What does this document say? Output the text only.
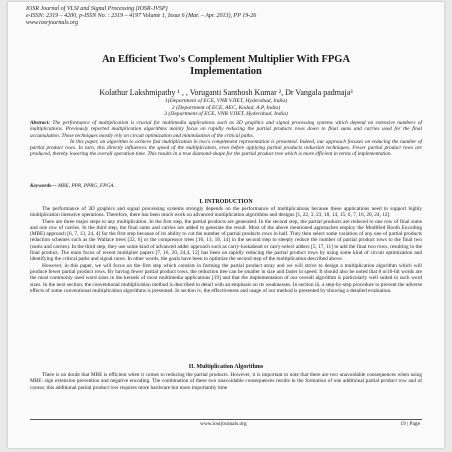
IOSR Journal of VLSI and Signal Processing (IOSR-JVSP)
e-ISSN: 2319 – 4200, p-ISSN No. : 2319 – 4197 Volume 1, Issue 6 (Mar. – Apr. 2013), PP 19-26
www.iosrjournals.org
An Efficient Two's Complement Multiplier With FPGA
Implementation
Kolathur Lakshmipathy ¹ , , Voruganti Santhosh Kumar ², Dr Vangala padmaja³
1(Department of ECE, VNR VJIET, Hyderabad, India)
2 (Department of ECE, AEC, Kodad, A.P, India)
3 (Department of ECE, VNR VJIET, Hyderabad, India)

Abstract: The performance of multiplication is crucial for multimedia applications such as 3D graphics and signal processing systems which depend on extensive numbers of multiplications. Previously reported multiplication algorithms mainly focus on rapidly reducing the partial products rows down to final sums and carries used for the final accumulation. These techniques mostly rely on circuit optimization and minimization of the critical paths.

In this paper, an algorithm to achieve fast multiplication in two's complement representation is presented. Indeed, our approach focuses on reducing the number of partial product rows. In turn, this directly influences the speed of the multiplication, even before applying partial products reduction techniques. Fewer partial product rows are produced, thereby lowering the overall operation time. This results in a true diamond-shape for the partial product tree which is more efficient in terms of implementation.

Keywords— MBE, PPR, PPRG, FPGA.
I. INTRODUCTION

The performance of 3D graphics and signal processing systems strongly depends on the performance of multiplications because these applications need to support highly multiplication intensive operations. Therefore, there has been much work on advanced multiplication algorithms and designs [1, 22, 3, 23, 18, 14, 15, 6, 7, 16, 20, 24, 12].

There are three major steps to any multiplication. In the first step, the partial products are generated. In the second step, the partial products are reduced to one row of final sums and one row of carries. In the third step, the final sums and carries are added to generate the result. Most of the above mentioned approaches employ the Modified Booth Encoding (MBE) approach [6, 7, 13, 24, 4] for the first step because of its ability to cut the number of partial products rows in half. They then select some variation of any one of partial products reduction schemes such as the Wallace trees [22, 6] or the compressor trees [16, 13, 18, 14] in the second step to steeply reduce the number of partial product rows to the final two (sums and carries). In the third step, they use some kind of advanced adder approach such as carry-lookahead or carry-select adders [5, 17, 11] to add the final two rows, resulting in the final product. The main focus of recent multiplier papers [7, 16, 20, 24,4, 12] has been on rapidly reducing the partial product rows by using some kind of circuit optimization and identifying the critical paths and signal races. In other words, the goals have been to optimize the second step of the multiplication described above.

However, in this paper, we will focus on the first step which consists in forming the partial product array and we will strive to design a multiplication algorithm which will produce fewer partial product rows. By having fewer partial product rows, the reduction tree can be smaller in size and faster in speed. It should also be noted that 8 or16-bit words are the most commonly used word sizes in the kernels of most multimedia applications [19] and that the implementation of our overall algorithm is particularly well suited to such word sizes. In the next section, the conventional multiplication method is described in detail with an emphasis on its weaknesses. In section iii, a step-by-step procedure to prevent the adverse effects of some conventional multiplication algorithms is presented. In section iv, the effectiveness and usage of our method is presented by showing a detailed evaluation.

II. Multiplication Algorithms

There is no doubt that MBE is efficient when it comes to reducing the partial products. However, it is important to note that there are two unavoidable consequences when using MBE: sign extension prevention and negative encoding. The combination of these two unavoidable consequences results in the formation of one additional partial product row and of course, this additional partial product row requires more hardware but more importantly time

www.iosrjournals.org	19 | Page
